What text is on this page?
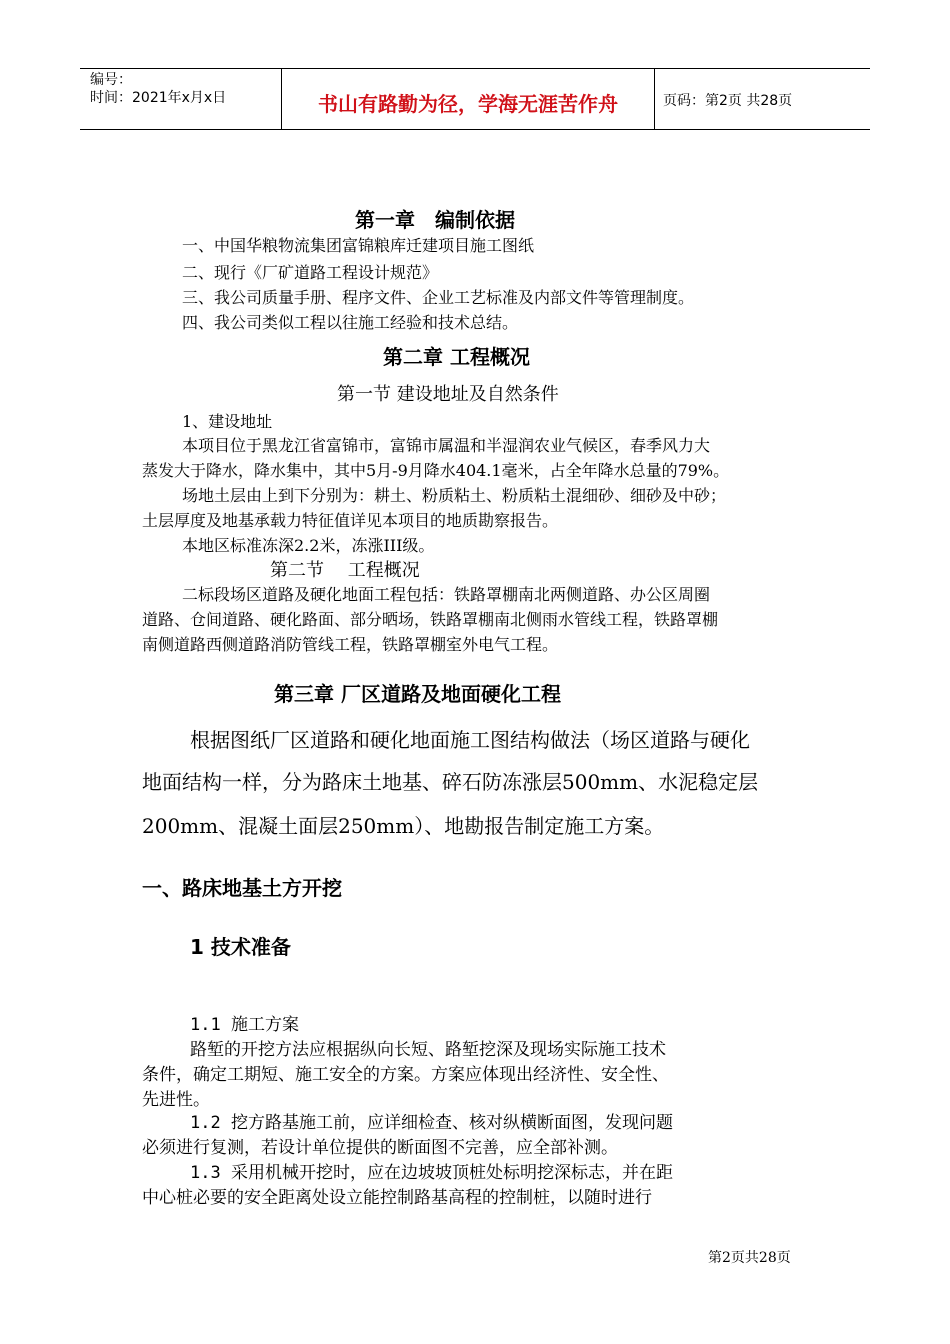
编号：
时间：2021年x月x日	书山有路勤为径，学海无涯苦作舟	页码：第2页 共28页
第一章　编制依据
一、中国华粮物流集团富锦粮库迁建项目施工图纸
二、现行《厂矿道路工程设计规范》
三、我公司质量手册、程序文件、企业工艺标准及内部文件等管理制度。
四、我公司类似工程以往施工经验和技术总结。
第二章 工程概况
第一节 建设地址及自然条件
1、建设地址
本项目位于黑龙江省富锦市，富锦市属温和半湿润农业气候区，春季风力大
蒸发大于降水，降水集中，其中5月-9月降水404.1毫米，占全年降水总量的79%。
场地土层由上到下分别为：耕土、粉质粘土、粉质粘土混细砂、细砂及中砂；
土层厚度及地基承载力特征值详见本项目的地质勘察报告。
本地区标准冻深2.2米，冻涨III级。
第二节　 工程概况
二标段场区道路及硬化地面工程包括：铁路罩棚南北两侧道路、办公区周圈
道路、仓间道路、硬化路面、部分晒场，铁路罩棚南北侧雨水管线工程，铁路罩棚
南侧道路西侧道路消防管线工程，铁路罩棚室外电气工程。
第三章 厂区道路及地面硬化工程
根据图纸厂区道路和硬化地面施工图结构做法（场区道路与硬化
地面结构一样，分为路床土地基、碎石防冻涨层500mm、水泥稳定层
200mm、混凝土面层250mm）、地勘报告制定施工方案。
一、路床地基土方开挖
1 技术准备
1.1 施工方案
路堑的开挖方法应根据纵向长短、路堑挖深及现场实际施工技术
条件，确定工期短、施工安全的方案。方案应体现出经济性、安全性、
先进性。
1.2 挖方路基施工前，应详细检查、核对纵横断面图，发现问题
必须进行复测，若设计单位提供的断面图不完善，应全部补测。
1.3 采用机械开挖时，应在边坡坡顶桩处标明挖深标志，并在距
中心桩必要的安全距离处设立能控制路基高程的控制桩，以随时进行
第2页共28页
